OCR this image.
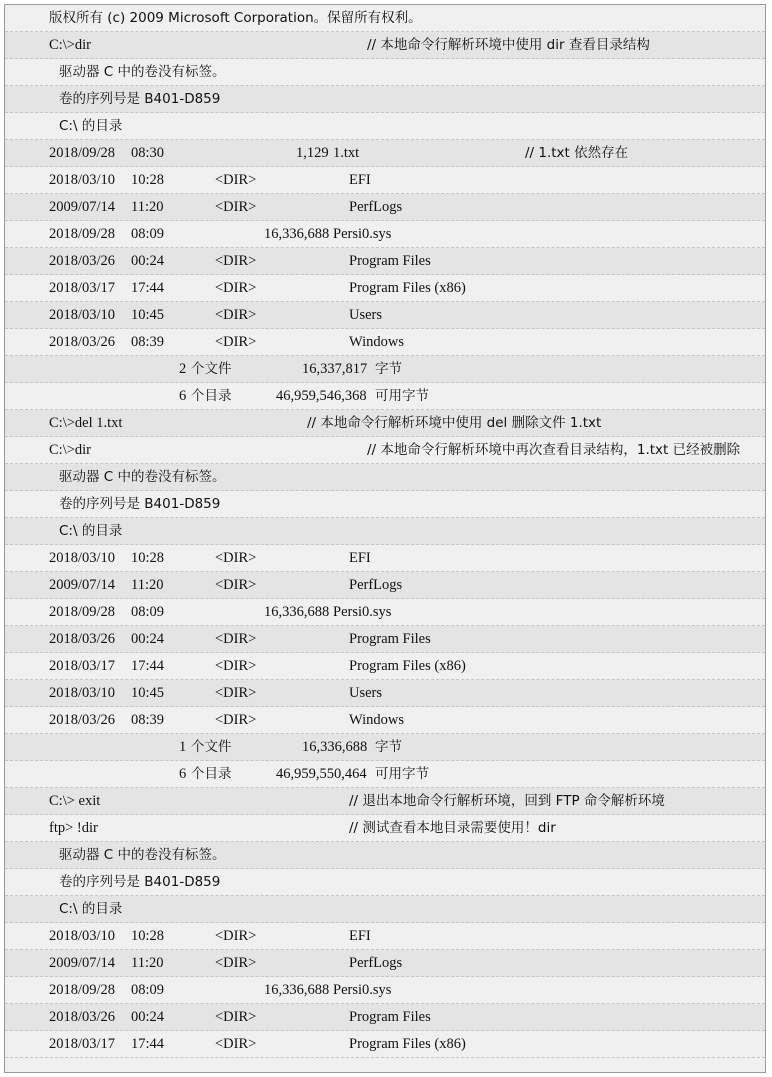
版权所有 (c) 2009 Microsoft Corporation。保留所有权利。
C:\>dir	// 本地命令行解析环境中使用 dir 查看目录结构
驱动器 C 中的卷没有标签。
卷的序列号是 B401-D859
C:\ 的目录
2018/09/28 08:30	1,129 1.txt	// 1.txt 依然存在
2018/03/10 10:28	<DIR>	EFI
2009/07/14 11:20	<DIR>	PerfLogs
2018/09/28 08:09	16,336,688 Persi0.sys
2018/03/26 00:24	<DIR>	Program Files
2018/03/17 17:44	<DIR>	Program Files (x86)
2018/03/10 10:45	<DIR>	Users
2018/03/26 08:39	<DIR>	Windows
2 个文件	16,337,817 字节
6 个目录	46,959,546,368 可用字节
C:\>del 1.txt	// 本地命令行解析环境中使用 del 删除文件 1.txt
C:\>dir	// 本地命令行解析环境中再次查看目录结构，1.txt 已经被删除
驱动器 C 中的卷没有标签。
卷的序列号是 B401-D859
C:\ 的目录
2018/03/10 10:28	<DIR>	EFI
2009/07/14 11:20	<DIR>	PerfLogs
2018/09/28 08:09	16,336,688 Persi0.sys
2018/03/26 00:24	<DIR>	Program Files
2018/03/17 17:44	<DIR>	Program Files (x86)
2018/03/10 10:45	<DIR>	Users
2018/03/26 08:39	<DIR>	Windows
1 个文件	16,336,688 字节
6 个目录	46,959,550,464 可用字节
C:\> exit	// 退出本地命令行解析环境，回到 FTP 命令解析环境
ftp> !dir	// 测试查看本地目录需要使用！dir
驱动器 C 中的卷没有标签。
卷的序列号是 B401-D859
C:\ 的目录
2018/03/10 10:28	<DIR>	EFI
2009/07/14 11:20	<DIR>	PerfLogs
2018/09/28 08:09	16,336,688 Persi0.sys
2018/03/26 00:24	<DIR>	Program Files
2018/03/17 17:44	<DIR>	Program Files (x86)
